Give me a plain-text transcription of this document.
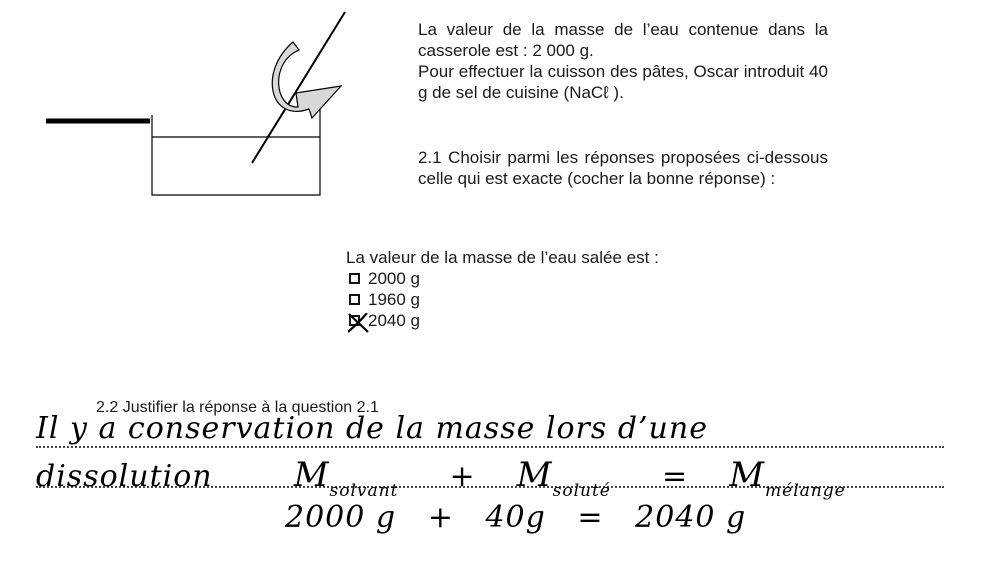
La valeur de la masse de l’eau contenue dans la casserole est : 2 000 g.

Pour effectuer la cuisson des pâtes, Oscar introduit 40 g de sel de cuisine (NaCℓ ).

2.1 Choisir parmi les réponses proposées ci-dessous celle qui est exacte (cocher la bonne réponse) :
La valeur de la masse de l’eau salée est :
2000 g
1960 g
2040 g
2.2 Justifier la réponse à la question 2.1
Il y a conservation de la masse lors d’une
dissolution $M_{solvant} + M_{soluté} = M_{mélange}$
2000 g   +   40g   =   2040 g
